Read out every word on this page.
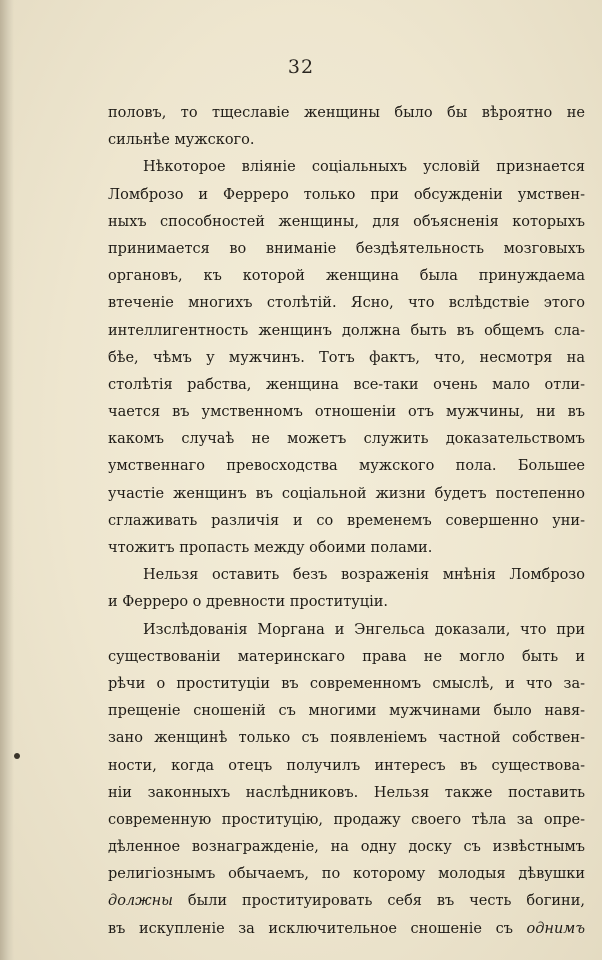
32
половъ, то тщеславіе женщины было бы вѣроятно не
сильнѣе мужского.
Нѣкоторое вліяніе соціальныхъ условій признается
Ломброзо и Ферреро только при обсужденіи умствен-
ныхъ способностей женщины, для объясненія которыхъ
принимается во вниманіе бездѣятельность мозговыхъ
органовъ, къ которой женщина была принуждаема
втеченіе многихъ столѣтій. Ясно, что вслѣдствіе этого
интеллигентность женщинъ должна быть въ общемъ сла-
бѣе, чѣмъ у мужчинъ. Тотъ фактъ, что, несмотря на
столѣтія рабства, женщина все-таки очень мало отли-
чается въ умственномъ отношеніи отъ мужчины, ни въ
какомъ случаѣ не можетъ служить доказательствомъ
умственнаго превосходства мужского пола. Большее
участіе женщинъ въ соціальной жизни будетъ постепенно
сглаживать различія и со временемъ совершенно уни-
чтожитъ пропасть между обоими полами.
Нельзя оставить безъ возраженія мнѣнія Ломброзо
и Ферреро о древности проституціи.
Изслѣдованія Моргана и Энгельса доказали, что при
существованіи материнскаго права не могло быть и
рѣчи о проституціи въ современномъ смыслѣ, и что за-
прещеніе сношеній съ многими мужчинами было навя-
зано женщинѣ только съ появленіемъ частной собствен-
ности, когда отецъ получилъ интересъ въ существова-
ніи законныхъ наслѣдниковъ. Нельзя также поставить
современную проституцію, продажу своего тѣла за опре-
дѣленное вознагражденіе, на одну доску съ извѣстнымъ
религіознымъ обычаемъ, по которому молодыя дѣвушки
должны были проституировать себя въ честь богини,
въ искупленіе за исключительное сношеніе съ однимъ
